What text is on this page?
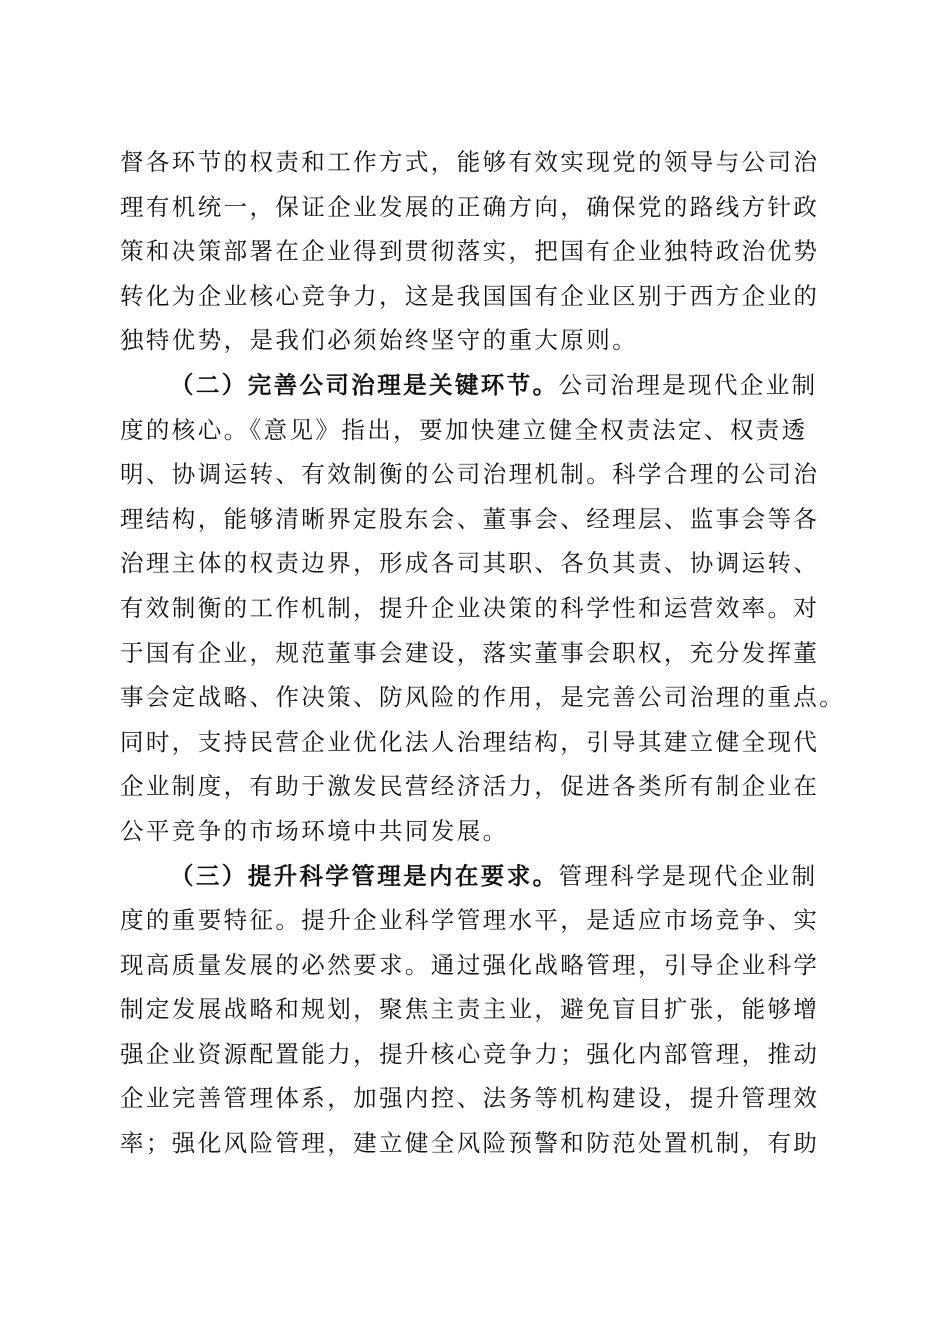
督各环节的权责和工作方式，能够有效实现党的领导与公司治
理有机统一，保证企业发展的正确方向，确保党的路线方针政
策和决策部署在企业得到贯彻落实，把国有企业独特政治优势
转化为企业核心竞争力，这是我国国有企业区别于西方企业的
独特优势，是我们必须始终坚守的重大原则。
（二）完善公司治理是关键环节。公司治理是现代企业制
度的核心。《意见》指出，要加快建立健全权责法定、权责透
明、协调运转、有效制衡的公司治理机制。科学合理的公司治
理结构，能够清晰界定股东会、董事会、经理层、监事会等各
治理主体的权责边界，形成各司其职、各负其责、协调运转、
有效制衡的工作机制，提升企业决策的科学性和运营效率。对
于国有企业，规范董事会建设，落实董事会职权，充分发挥董
事会定战略、作决策、防风险的作用，是完善公司治理的重点。
同时，支持民营企业优化法人治理结构，引导其建立健全现代
企业制度，有助于激发民营经济活力，促进各类所有制企业在
公平竞争的市场环境中共同发展。
（三）提升科学管理是内在要求。管理科学是现代企业制
度的重要特征。提升企业科学管理水平，是适应市场竞争、实
现高质量发展的必然要求。通过强化战略管理，引导企业科学
制定发展战略和规划，聚焦主责主业，避免盲目扩张，能够增
强企业资源配置能力，提升核心竞争力；强化内部管理，推动
企业完善管理体系，加强内控、法务等机构建设，提升管理效
率；强化风险管理，建立健全风险预警和防范处置机制，有助
